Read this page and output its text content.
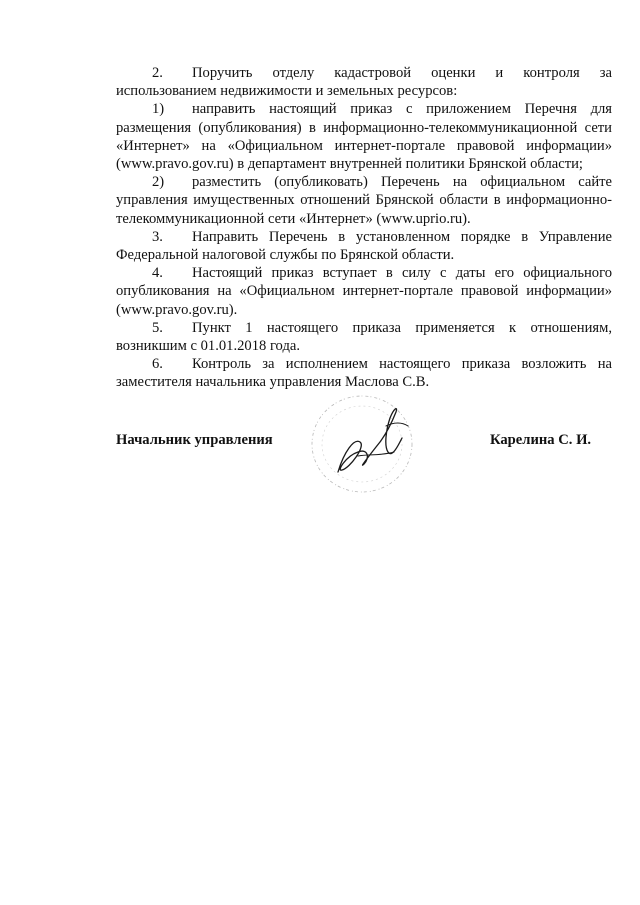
2. Поручить отделу кадастровой оценки и контроля за использованием недвижимости и земельных ресурсов:

1) направить настоящий приказ с приложением Перечня для размещения (опубликования) в информационно-телекоммуникационной сети «Интернет» на «Официальном интернет-портале правовой информации» (www.pravo.gov.ru) в департамент внутренней политики Брянской области;

2) разместить (опубликовать) Перечень на официальном сайте управления имущественных отношений Брянской области в информационно-телекоммуникационной сети «Интернет» (www.uprio.ru).

3. Направить Перечень в установленном порядке в Управление Федеральной налоговой службы по Брянской области.

4. Настоящий приказ вступает в силу с даты его официального опубликования на «Официальном интернет-портале правовой информации» (www.pravo.gov.ru).

5. Пункт 1 настоящего приказа применяется к отношениям, возникшим с 01.01.2018 года.

6. Контроль за исполнением настоящего приказа возложить на заместителя начальника управления Маслова С.В.

Начальник управления	Карелина С. И.
